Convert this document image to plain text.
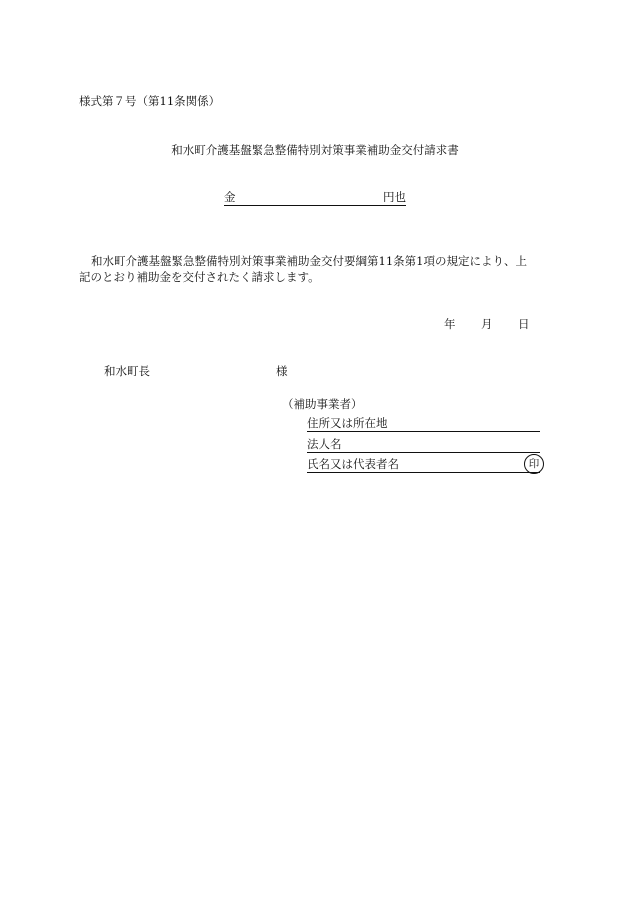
様式第７号（第11条関係）
和水町介護基盤緊急整備特別対策事業補助金交付請求書
金	円也
和水町介護基盤緊急整備特別対策事業補助金交付要綱第11条第1項の規定により、上
記のとおり補助金を交付されたく請求します。
年 月 日
和水町長	様
（補助事業者）
住所又は所在地
法人名
氏名又は代表者名	印
